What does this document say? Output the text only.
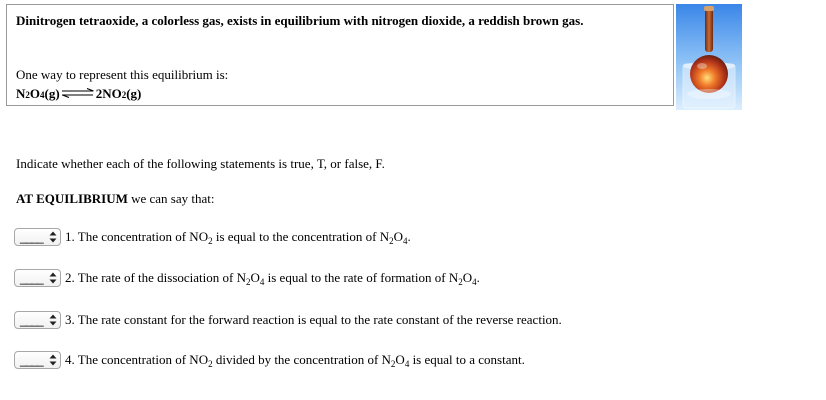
Dinitrogen tetraoxide, a colorless gas, exists in equilibrium with nitrogen dioxide, a reddish brown gas.
One way to represent this equilibrium is:
N 2 O 4 (g) ⇌ 2NO 2 (g)
Indicate whether each of the following statements is true, T, or false, F.
AT EQUILIBRIUM we can say that:
____ 1. The concentration of $NO_2$ is equal to the concentration of $N_2O_4$.
____ 2. The rate of the dissociation of $N_2O_4$ is equal to the rate of formation of $N_2O_4$.
____ 3. The rate constant for the forward reaction is equal to the rate constant of the reverse reaction.
____ 4. The concentration of $NO_2$ divided by the concentration of $N_2O_4$ is equal to a constant.
